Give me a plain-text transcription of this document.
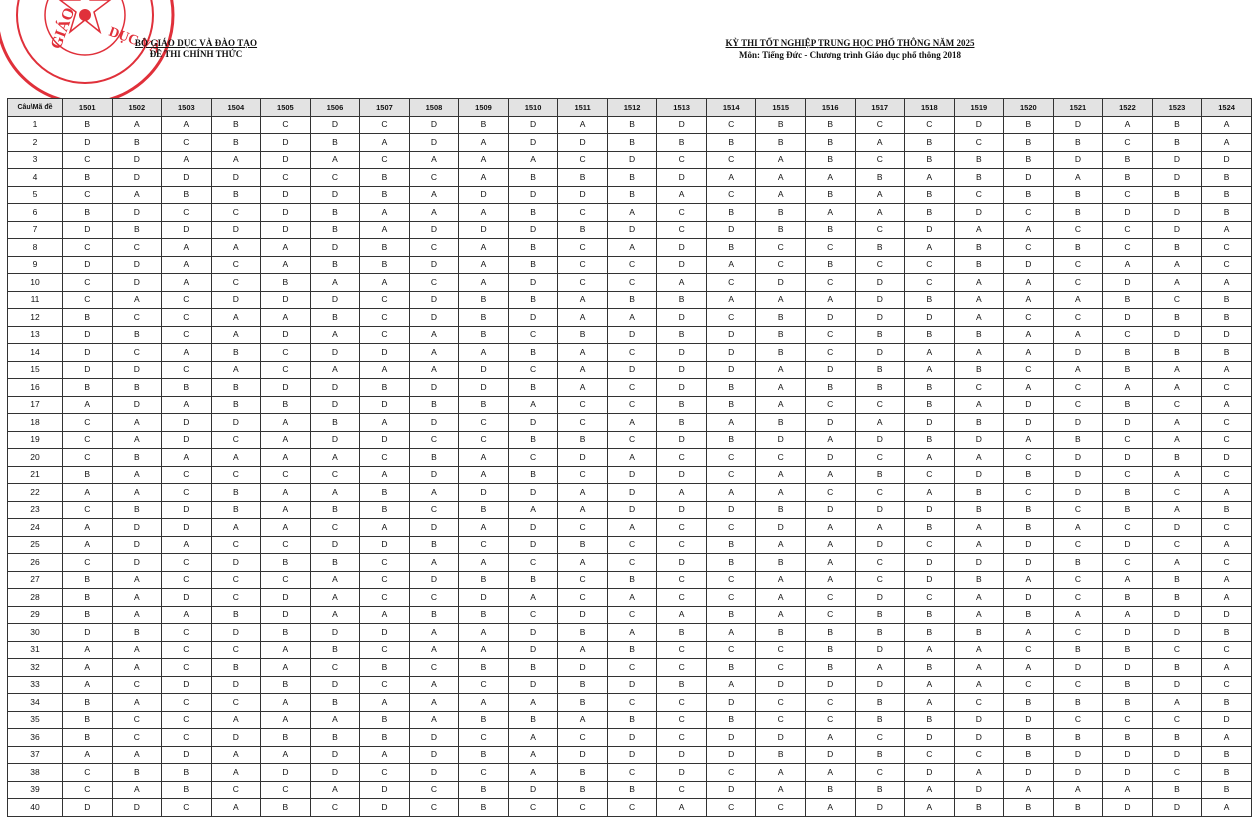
GIÁO DỤC VÀ
BỘ GIÁO DỤC VÀ ĐÀO TẠO
ĐỀ THI CHÍNH THỨC
KỲ THI TỐT NGHIỆP TRUNG HỌC PHỔ THÔNG NĂM 2025
Môn: Tiếng Đức - Chương trình Giáo dục phổ thông 2018
Câu\Mã đề	1501	1502	1503	1504	1505	1506	1507	1508	1509	1510	1511	1512	1513	1514	1515	1516	1517	1518	1519	1520	1521	1522	1523	1524
1	B	A	A	B	C	D	C	D	B	D	A	B	D	C	B	B	C	C	D	B	D	A	B	A
2	D	B	C	B	D	B	A	D	A	D	D	B	B	B	B	B	A	B	C	B	B	C	B	A
3	C	D	A	A	D	A	C	A	A	A	C	D	C	C	A	B	C	B	B	B	D	B	D	D
4	B	D	D	D	C	C	B	C	A	B	B	B	D	A	A	A	B	A	B	D	A	B	D	B
5	C	A	B	B	D	D	B	A	D	D	D	B	A	C	A	B	A	B	C	B	B	C	B	B
6	B	D	C	C	D	B	A	A	A	B	C	A	C	B	B	A	A	B	D	C	B	D	D	B
7	D	B	D	D	D	B	A	D	D	D	B	D	C	D	B	B	C	D	A	A	C	C	D	A
8	C	C	A	A	A	D	B	C	A	B	C	A	D	B	C	C	B	A	B	C	B	C	B	C
9	D	D	A	C	A	B	B	D	A	B	C	C	D	A	C	B	C	C	B	D	C	A	A	C
10	C	D	A	C	B	A	A	C	A	D	C	C	A	C	D	C	D	C	A	A	C	D	A	A
11	C	A	C	D	D	D	C	D	B	B	A	B	B	A	A	A	D	B	A	A	A	B	C	B
12	B	C	C	A	A	B	C	D	B	D	A	A	D	C	B	D	D	D	A	C	C	D	B	B
13	D	B	C	A	D	A	C	A	B	C	B	D	B	D	B	C	B	B	B	A	A	C	D	D
14	D	C	A	B	C	D	D	A	A	B	A	C	D	D	B	C	D	A	A	A	D	B	B	B
15	D	D	C	A	C	A	A	A	D	C	A	D	D	D	A	D	B	A	B	C	A	B	A	A
16	B	B	B	B	D	D	B	D	D	B	A	C	D	B	A	B	B	B	C	A	C	A	A	C
17	A	D	A	B	B	D	D	B	B	A	C	C	B	B	A	C	C	B	A	D	C	B	C	A
18	C	A	D	D	A	B	A	D	C	D	C	A	B	A	B	D	A	D	B	D	D	D	A	C
19	C	A	D	C	A	D	D	C	C	B	B	C	D	B	D	A	D	B	D	A	B	C	A	C
20	C	B	A	A	A	A	C	B	A	C	D	A	C	C	C	D	C	A	A	C	D	D	B	D
21	B	A	C	C	C	C	A	D	A	B	C	D	D	C	A	A	B	C	D	B	D	C	A	C
22	A	A	C	B	A	A	B	A	D	D	A	D	A	A	A	C	C	A	B	C	D	B	C	A
23	C	B	D	B	A	B	B	C	B	A	A	D	D	D	B	D	D	D	B	B	C	B	A	B
24	A	D	D	A	A	C	A	D	A	D	C	A	C	C	D	A	A	B	A	B	A	C	D	C
25	A	D	A	C	C	D	D	B	C	D	B	C	C	B	A	A	D	C	A	D	C	D	C	A
26	C	D	C	D	B	B	C	A	A	C	A	C	D	B	B	A	C	D	D	D	B	C	A	C
27	B	A	C	C	C	A	C	D	B	B	C	B	C	C	A	A	C	D	B	A	C	A	B	A
28	B	A	D	C	D	A	C	C	D	A	C	A	C	C	A	C	D	C	A	D	C	B	B	A
29	B	A	A	B	D	A	A	B	B	C	D	C	A	B	A	C	B	B	A	B	A	A	D	D
30	D	B	C	D	B	D	D	A	A	D	B	A	B	A	B	B	B	B	B	A	C	D	D	B
31	A	A	C	C	A	B	C	A	A	D	A	B	C	C	C	B	D	A	A	C	B	B	C	C
32	A	A	C	B	A	C	B	C	B	B	D	C	C	B	C	B	A	B	A	A	D	D	B	A
33	A	C	D	D	B	D	C	A	C	D	B	D	B	A	D	D	D	A	A	C	C	B	D	C
34	B	A	C	C	A	B	A	A	A	A	B	C	C	D	C	C	B	A	C	B	B	B	A	B
35	B	C	C	A	A	A	B	A	B	B	A	B	C	B	C	C	B	B	D	D	C	C	C	D
36	B	C	C	D	B	B	B	D	C	A	C	D	C	D	D	A	C	D	D	B	B	B	B	A
37	A	A	D	A	A	D	A	D	B	A	D	D	D	D	B	D	B	C	C	B	D	D	D	B
38	C	B	B	A	D	D	C	D	C	A	B	C	D	C	A	A	C	D	A	D	D	D	C	B
39	C	A	B	C	C	A	D	C	B	D	B	B	C	D	A	B	B	A	D	A	A	A	B	B
40	D	D	C	A	B	C	D	C	B	C	C	C	A	C	C	A	D	A	B	B	B	D	D	A
